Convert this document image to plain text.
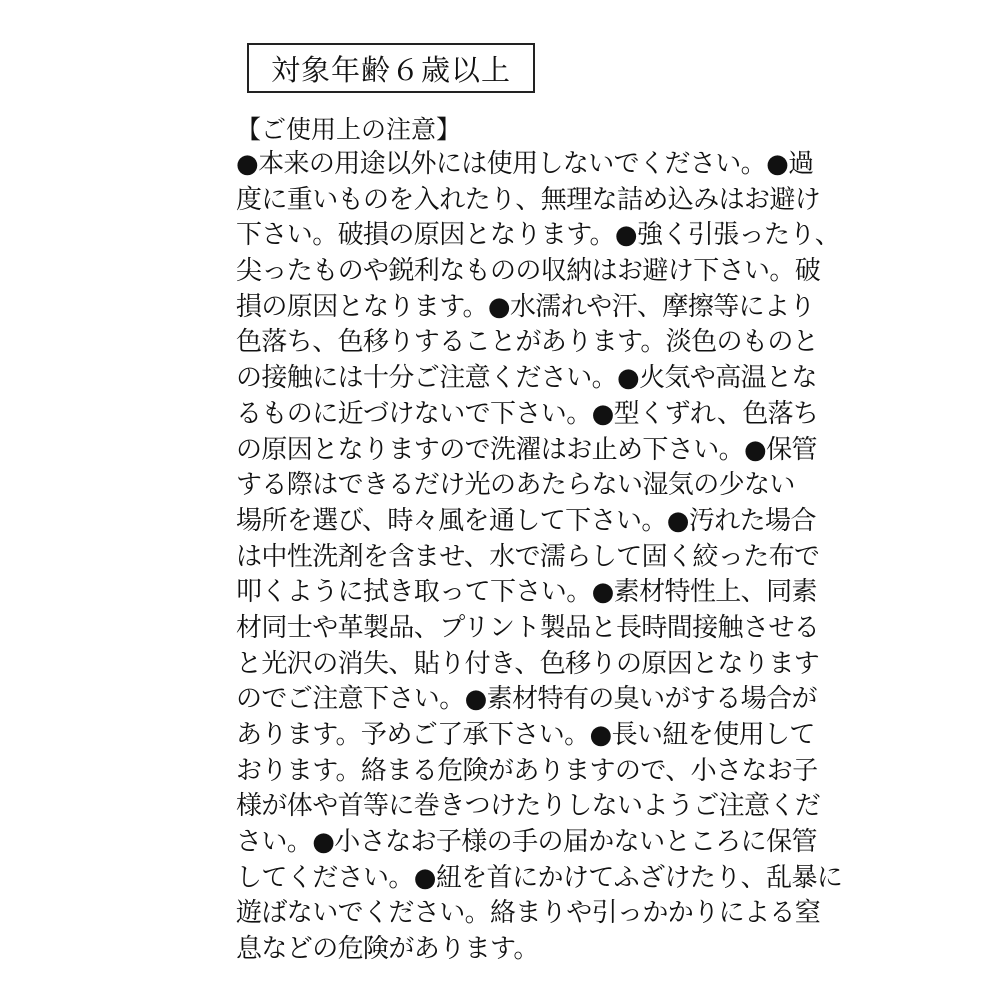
対象年齢６歳以上
【ご使用上の注意】
●本来の用途以外には使用しないでください。●過
度に重いものを入れたり、無理な詰め込みはお避け
下さい。破損の原因となります。●強く引張ったり、
尖ったものや鋭利なものの収納はお避け下さい。破
損の原因となります。●水濡れや汗、摩擦等により
色落ち、色移りすることがあります。淡色のものと
の接触には十分ご注意ください。●火気や高温とな
るものに近づけないで下さい。●型くずれ、色落ち
の原因となりますので洗濯はお止め下さい。●保管
する際はできるだけ光のあたらない湿気の少ない
場所を選び、時々風を通して下さい。●汚れた場合
は中性洗剤を含ませ、水で濡らして固く絞った布で
叩くように拭き取って下さい。●素材特性上、同素
材同士や革製品、プリント製品と長時間接触させる
と光沢の消失、貼り付き、色移りの原因となります
のでご注意下さい。●素材特有の臭いがする場合が
あります。予めご了承下さい。●長い紐を使用して
おります。絡まる危険がありますので、小さなお子
様が体や首等に巻きつけたりしないようご注意くだ
さい。●小さなお子様の手の届かないところに保管
してください。●紐を首にかけてふざけたり、乱暴に
遊ばないでください。絡まりや引っかかりによる窒
息などの危険があります。
